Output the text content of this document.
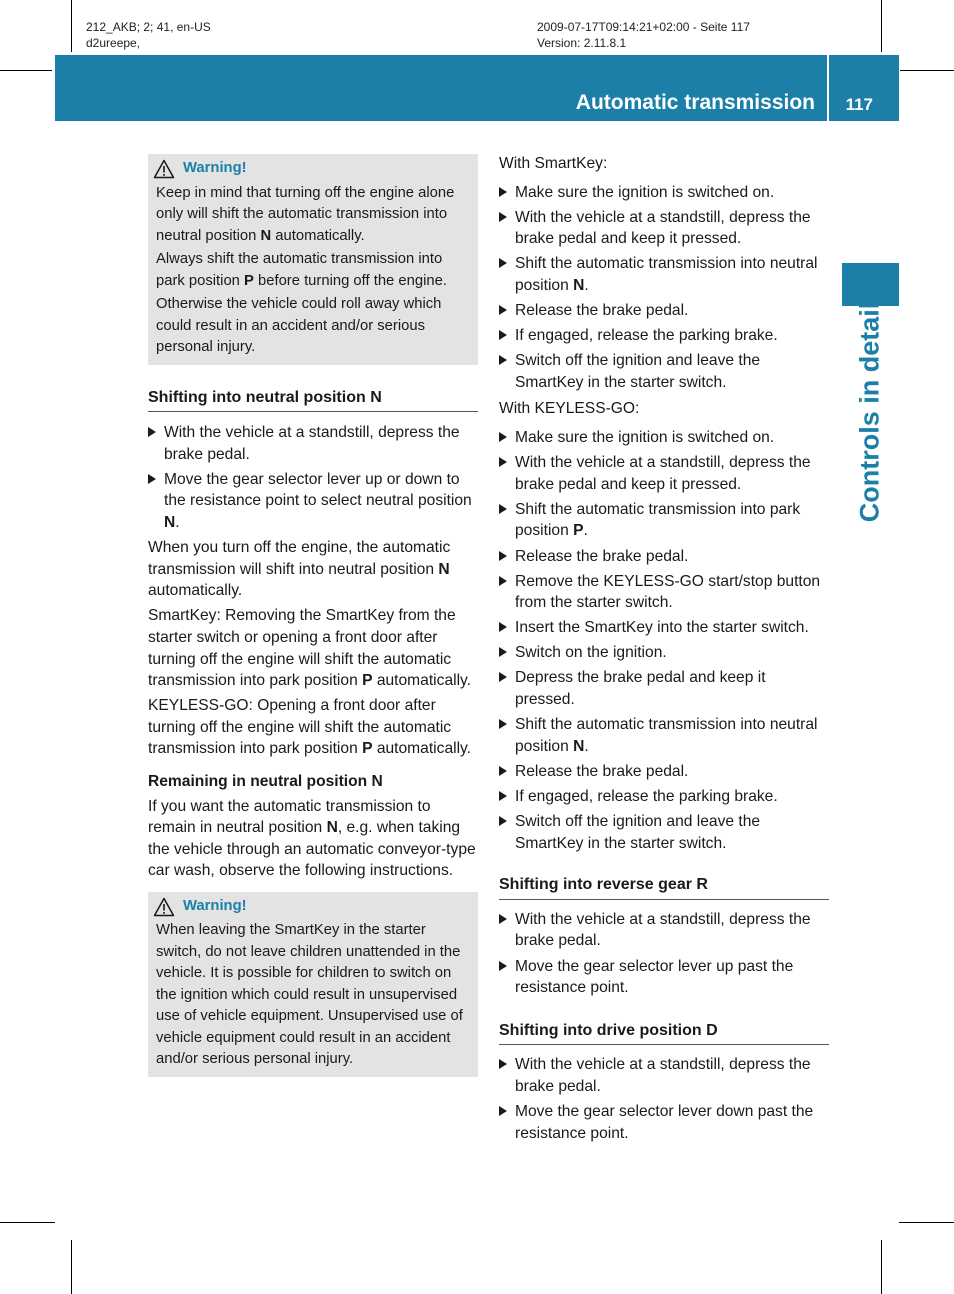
212_AKB; 2; 41, en-US
d2ureepe,
2009-07-17T09:14:21+02:00 - Seite 117
Version: 2.11.8.1
Automatic transmission 117
Controls in detail
Warning!

Keep in mind that turning off the engine alone only will shift the automatic transmission into neutral position N automatically.

Always shift the automatic transmission into park position P before turning off the engine.

Otherwise the vehicle could roll away which could result in an accident and/or serious personal injury.

Shifting into neutral position N
With the vehicle at a standstill, depress the brake pedal.
Move the gear selector lever up or down to the resistance point to select neutral position N.

When you turn off the engine, the automatic transmission will shift into neutral position N automatically.

SmartKey: Removing the SmartKey from the starter switch or opening a front door after turning off the engine will shift the automatic transmission into park position P automatically.

KEYLESS-GO: Opening a front door after turning off the engine will shift the automatic transmission into park position P automatically.

Remaining in neutral position N

If you want the automatic transmission to remain in neutral position N, e.g. when taking the vehicle through an automatic conveyor-type car wash, observe the following instructions.

Warning!

When leaving the SmartKey in the starter switch, do not leave children unattended in the vehicle. It is possible for children to switch on the ignition which could result in unsupervised use of vehicle equipment. Unsupervised use of vehicle equipment could result in an accident and/or serious personal injury.

With SmartKey:

Make sure the ignition is switched on.
With the vehicle at a standstill, depress the brake pedal and keep it pressed.
Shift the automatic transmission into neutral position N.
Release the brake pedal.
If engaged, release the parking brake.
Switch off the ignition and leave the SmartKey in the starter switch.

With KEYLESS-GO:

Make sure the ignition is switched on.
With the vehicle at a standstill, depress the brake pedal and keep it pressed.
Shift the automatic transmission into park position P.
Release the brake pedal.
Remove the KEYLESS-GO start/stop button from the starter switch.
Insert the SmartKey into the starter switch.
Switch on the ignition.
Depress the brake pedal and keep it pressed.
Shift the automatic transmission into neutral position N.
Release the brake pedal.
If engaged, release the parking brake.
Switch off the ignition and leave the SmartKey in the starter switch.
Shifting into reverse gear R
With the vehicle at a standstill, depress the brake pedal.
Move the gear selector lever up past the resistance point.
Shifting into drive position D
With the vehicle at a standstill, depress the brake pedal.
Move the gear selector lever down past the resistance point.
